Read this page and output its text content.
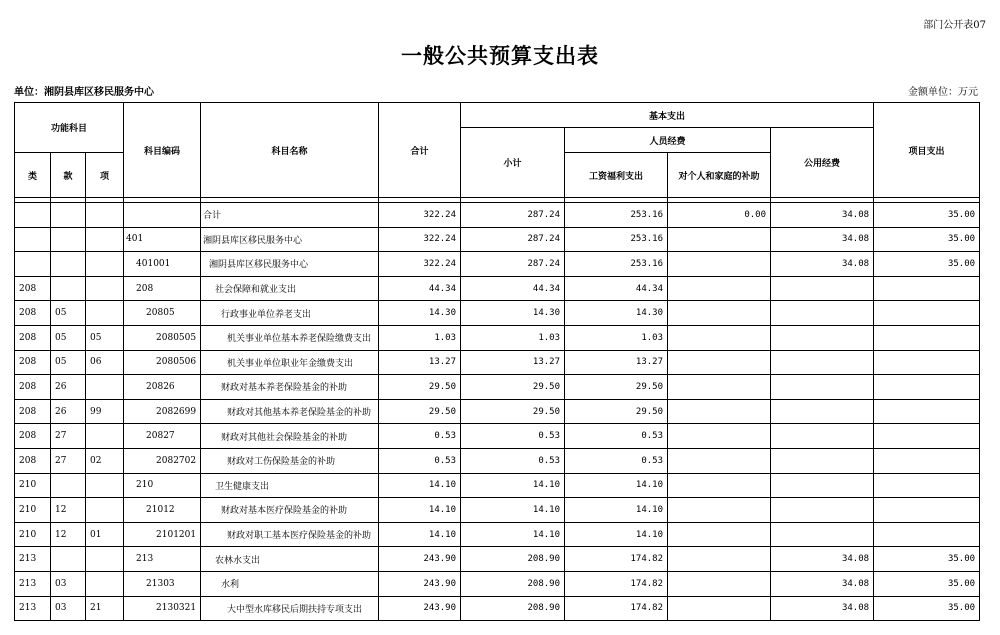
部门公开表07
一般公共预算支出表
单位：湘阴县库区移民服务中心	金额单位：万元
功能科目			科目编码	科目名称	合计	基本支出				项目支出
						小计	人员经费		公用经费	
类	款	项					工资福利支出	对个人和家庭的补助		

				合计	322.24	287.24	253.16	0.00	34.08	35.00
			401	湘阴县库区移民服务中心	322.24	287.24	253.16		34.08	35.00
			401001	湘阴县库区移民服务中心	322.24	287.24	253.16		34.08	35.00
208			208	社会保障和就业支出	44.34	44.34	44.34			
208	05		20805	行政事业单位养老支出	14.30	14.30	14.30			
208	05	05	2080505	机关事业单位基本养老保险缴费支出	1.03	1.03	1.03			
208	05	06	2080506	机关事业单位职业年金缴费支出	13.27	13.27	13.27			
208	26		20826	财政对基本养老保险基金的补助	29.50	29.50	29.50			
208	26	99	2082699	财政对其他基本养老保险基金的补助	29.50	29.50	29.50			
208	27		20827	财政对其他社会保险基金的补助	0.53	0.53	0.53			
208	27	02	2082702	财政对工伤保险基金的补助	0.53	0.53	0.53			
210			210	卫生健康支出	14.10	14.10	14.10			
210	12		21012	财政对基本医疗保险基金的补助	14.10	14.10	14.10			
210	12	01	2101201	财政对职工基本医疗保险基金的补助	14.10	14.10	14.10			
213			213	农林水支出	243.90	208.90	174.82		34.08	35.00
213	03		21303	水利	243.90	208.90	174.82		34.08	35.00
213	03	21	2130321	大中型水库移民后期扶持专项支出	243.90	208.90	174.82		34.08	35.00
